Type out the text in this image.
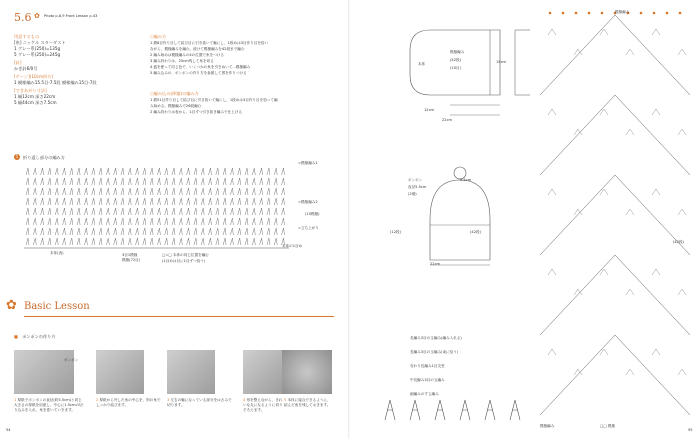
5.6 ✿ Photo p.8,9 Front Lesson p.43
用意するもの
[糸] ニッケル スターダスト
1 グレー系(250)=135g
5 グレー系(250)=245g
[針]
かぎ針6/0号
[ゲージ](10cm四方)
1 模様編み15.5目-7.5段 模様編み15目-7段
[できあがり寸法]
1 幅12cm 深さ22cm
5 幅44cm 深さ7.5cm
○編み方
1 鎖8目作り目して結び目に引き抜いて輪にし、1段めは3目作り目を拾い
ながら、模様編みを編む。続けて模様編みを42段まで編む
2 編み始めは模様編みの4の位置で糸をつける
3 編み終わりは、25cm残して糸を切る
4 盛を使って同じ色で、いくつかの糸を引きぬいて...模様編み
5 編み込みの、ポンポンの作り方を参照して図を作りつける
○編み込み(伸縮)の編み方
1 鎖51目作り目して結び目に引き抜いて輪にし、1段めは3目作り目を拾って編
み始める。模様編みで26段編む
2 編み終わりは表から、1目ずつ引き抜き編みで仕上げる
5	折り返し部分の編み方
=模様編み1
=模様編み2
(10模様)
=立ち上がり
本体(表)	3目1模様
模様(72目)
□=□ 本体の同じ位置を編む
(1目めは目に1目ずつ拾う)
本体の1目め
✿ Basic Lesson
■ ポンポンの作り方
ポンポン
1 厚紙でポンポンの直径(約5.5cm)と同じ大きさの厚紙を用意し、中心に1.5cmの切り込みを入れ、糸を巻いていきます。
2 厚紙から外した糸の中心を、別の糸でしっかり結びます。
3 左右の輪になっている部分をはさみで切ります。
4 形を整えながら、きれいな丸になるように切りそろえます。
5 本体に接合できるように、結んだ糸を残しておきます。
54
12cm
22cm
15cm
本体
模様編み
(42段)
(10目)
ポンポン
直径5.5cm
(2個)
5.5cm
22cm
(12段)	(42段)
長編み3目の玉編み(編み入れる)
長編み3目の玉編み(束に拾う)
変わり長編み1目交差
中長編み3目の玉編み
細編みのすじ編み
模様編み
□□ 模様
模様編み
(42段)
55
